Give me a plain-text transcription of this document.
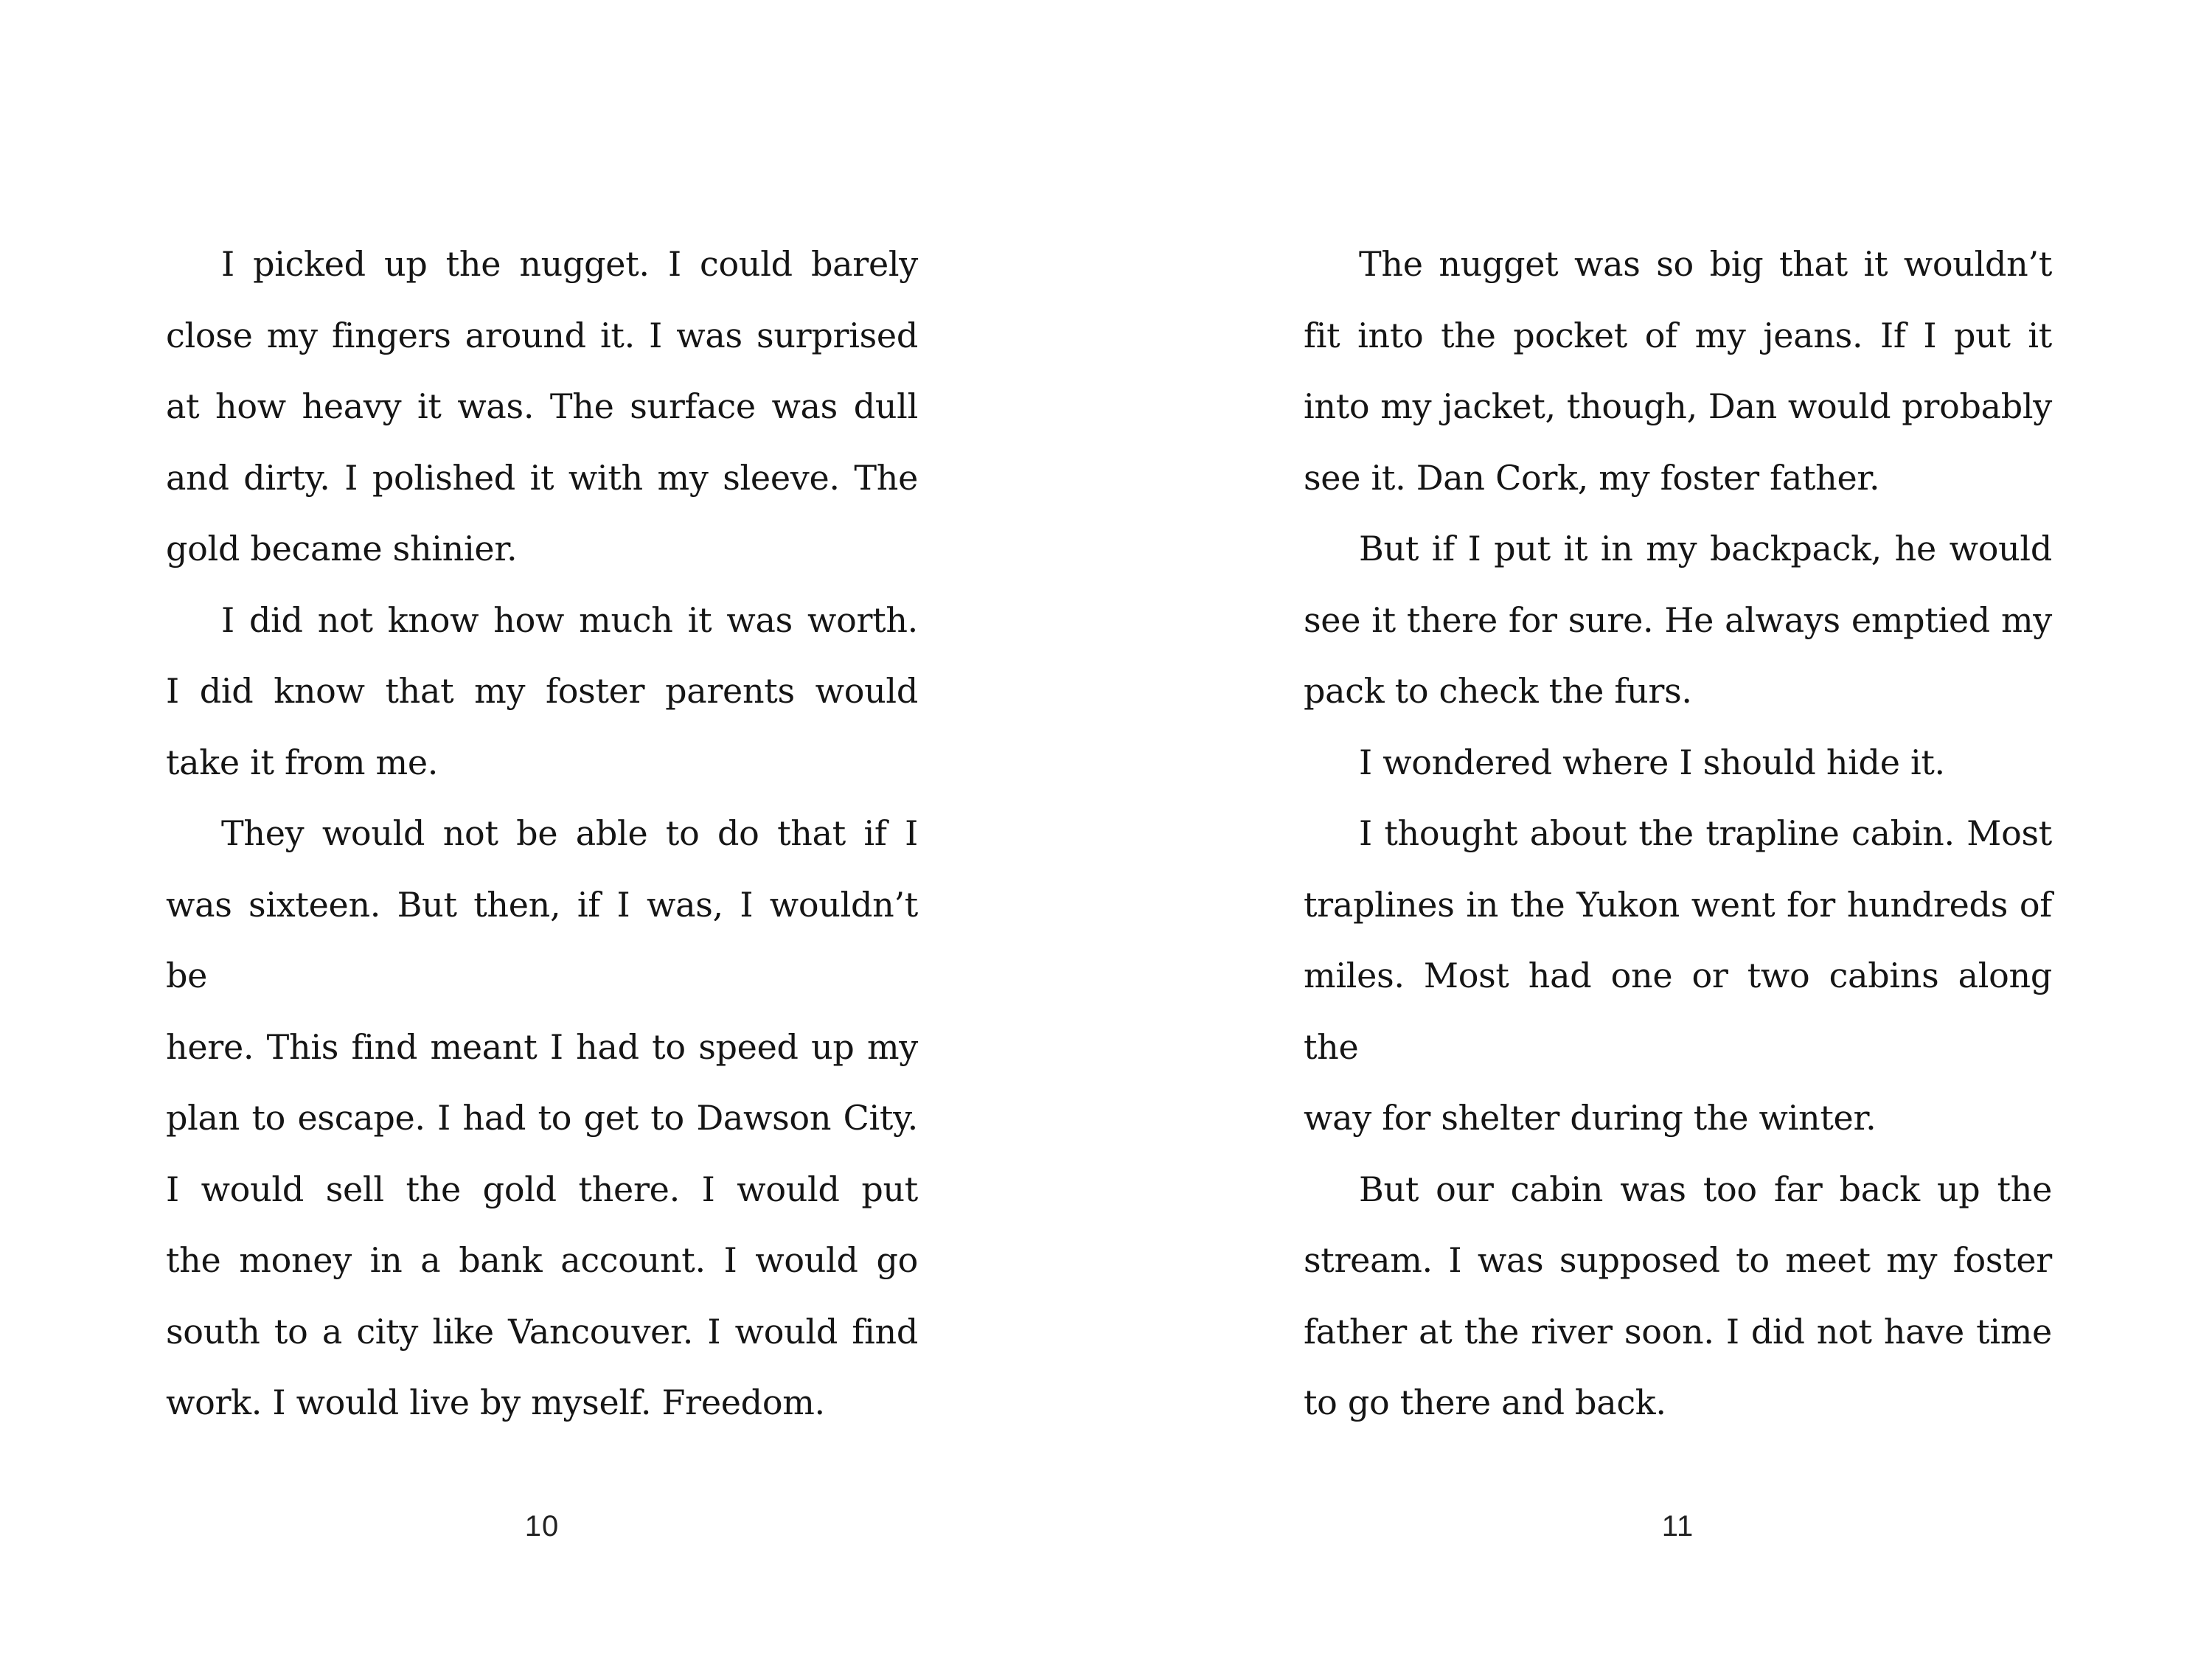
I picked up the nugget. I could barely
close my fingers around it. I was surprised
at how heavy it was. The surface was dull
and dirty. I polished it with my sleeve. The
gold became shinier.
I did not know how much it was worth.
I did know that my foster parents would
take it from me.
They would not be able to do that if I
was sixteen. But then, if I was, I wouldn’t be
here. This find meant I had to speed up my
plan to escape. I had to get to Dawson City.
I would sell the gold there. I would put
the money in a bank account. I would go
south to a city like Vancouver. I would find
work. I would live by myself. Freedom.
10
The nugget was so big that it wouldn’t
fit into the pocket of my jeans. If I put it
into my jacket, though, Dan would probably
see it. Dan Cork, my foster father.
But if I put it in my backpack, he would
see it there for sure. He always emptied my
pack to check the furs.
I wondered where I should hide it.
I thought about the trapline cabin. Most
traplines in the Yukon went for hundreds of
miles. Most had one or two cabins along the
way for shelter during the winter.
But our cabin was too far back up the
stream. I was supposed to meet my foster
father at the river soon. I did not have time
to go there and back.
11
